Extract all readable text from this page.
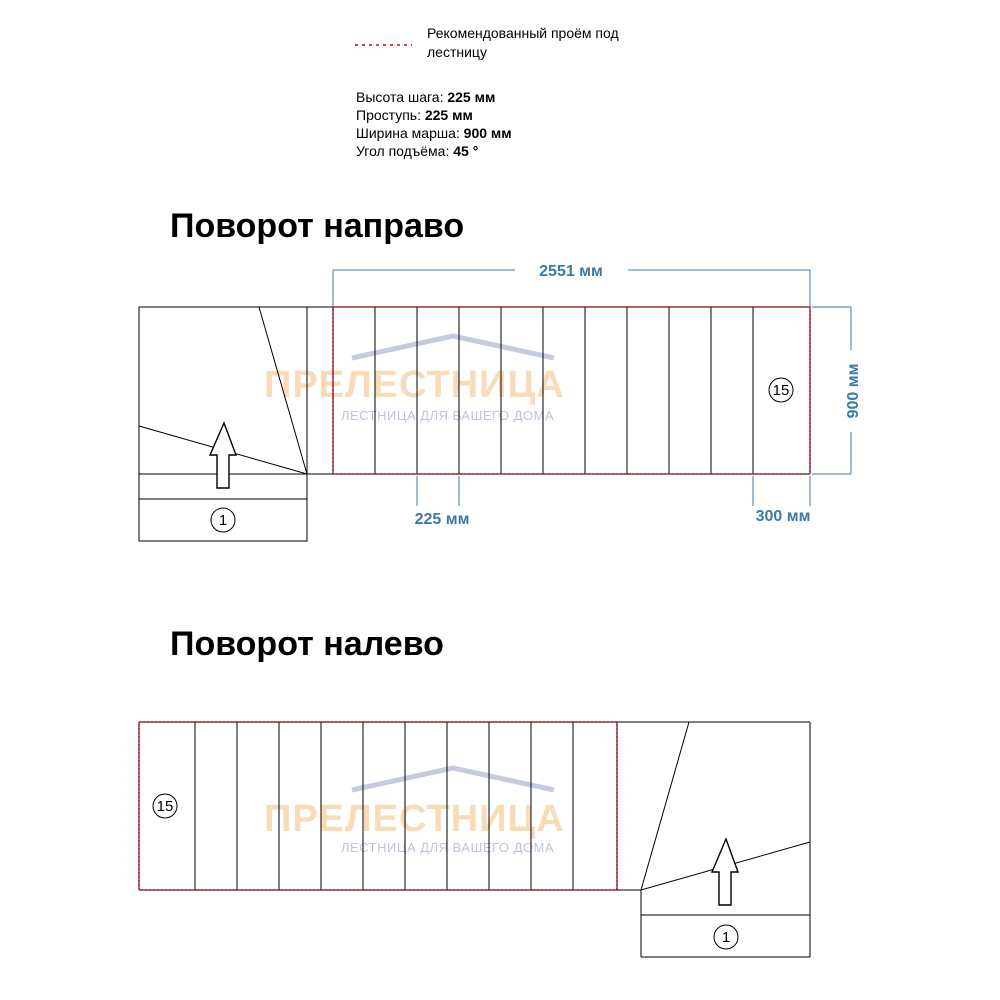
Рекомендованный проём под
лестницу
Высота шага: 225 мм
Проступь: 225 мм
Ширина марша: 900 мм
Угол подъёма: 45 °
Поворот направо
ПРЕЛЕСТНИЦА
ЛЕСТНИЦА ДЛЯ ВАШЕГО ДОМА
2551 мм
900 мм
1
15
225 мм	300 мм
Поворот налево
ПРЕЛЕСТНИЦА
ЛЕСТНИЦА ДЛЯ ВАШЕГО ДОМА
15
1
